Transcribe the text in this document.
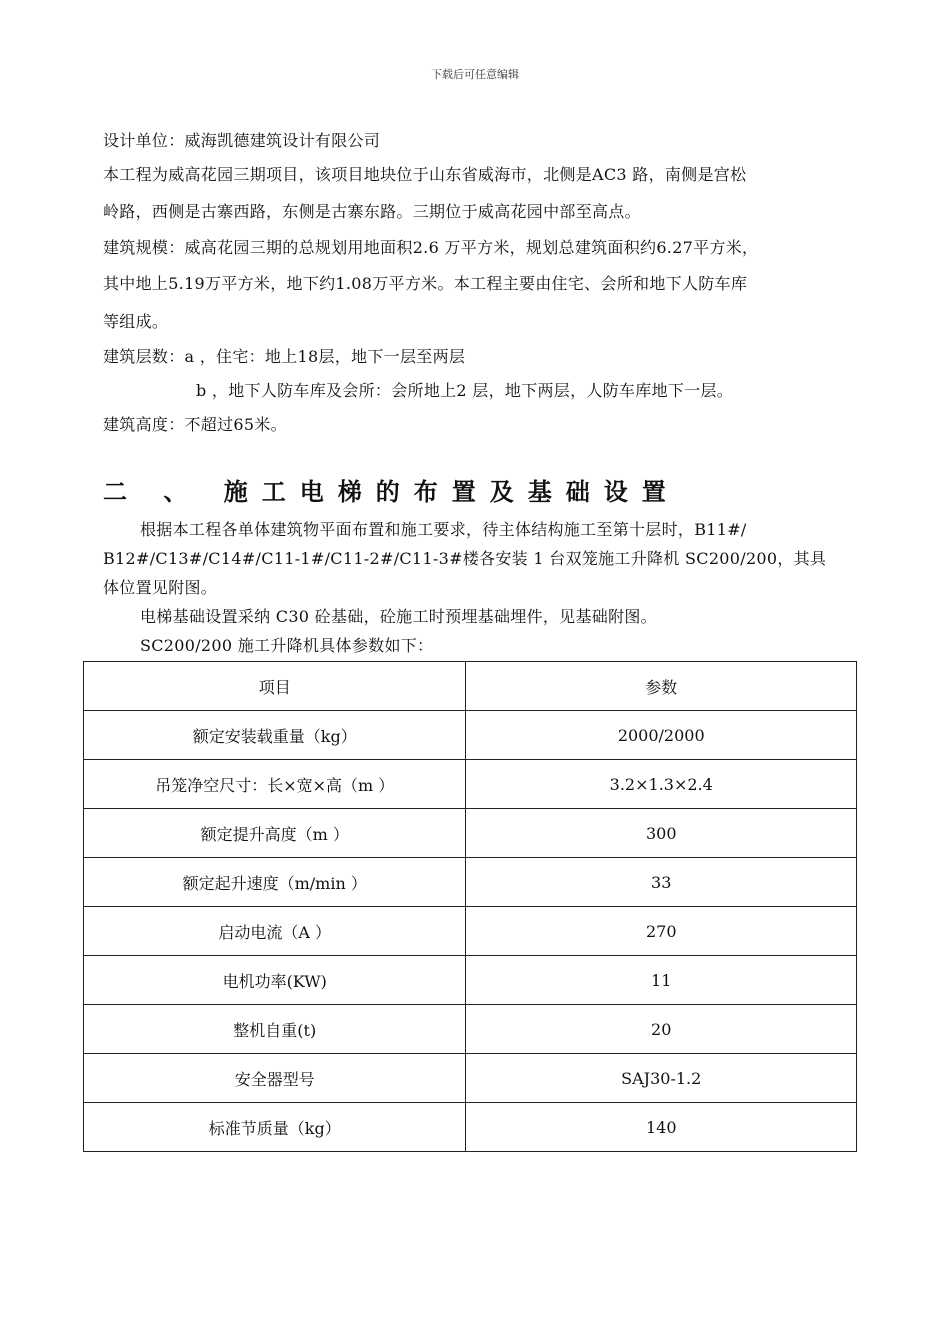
下载后可任意编辑
设计单位：威海凯德建筑设计有限公司
本工程为威高花园三期项目，该项目地块位于山东省威海市，北侧是AC3 路，南侧是宫松
岭路，西侧是古寨西路，东侧是古寨东路。三期位于威高花园中部至高点。
建筑规模：威高花园三期的总规划用地面积2.6 万平方米，规划总建筑面积约6.27平方米，
其中地上5.19万平方米，地下约1.08万平方米。本工程主要由住宅、会所和地下人防车库
等组成。
建筑层数：a ，住宅：地上18层，地下一层至两层
b ，地下人防车库及会所：会所地上2 层，地下两层，人防车库地下一层。
建筑高度：不超过65米。
二 、 施工电梯的布置及基础设置
根据本工程各单体建筑物平面布置和施工要求，待主体结构施工至第十层时，B11#/
B12#/C13#/C14#/C11-1#/C11-2#/C11-3#楼各安装 1 台双笼施工升降机 SC200/200，其具
体位置见附图。
电梯基础设置采纳 C30 砼基础，砼施工时预埋基础埋件，见基础附图。
SC200/200 施工升降机具体参数如下：
项目	参数
额定安装载重量（kg）	2000/2000
吊笼净空尺寸：长×宽×高（m ）	3.2×1.3×2.4
额定提升高度（m ）	300
额定起升速度（m/min ）	33
启动电流（A ）	270
电机功率(KW)	11
整机自重(t)	20
安全器型号	SAJ30-1.2
标准节质量（kg）	140
